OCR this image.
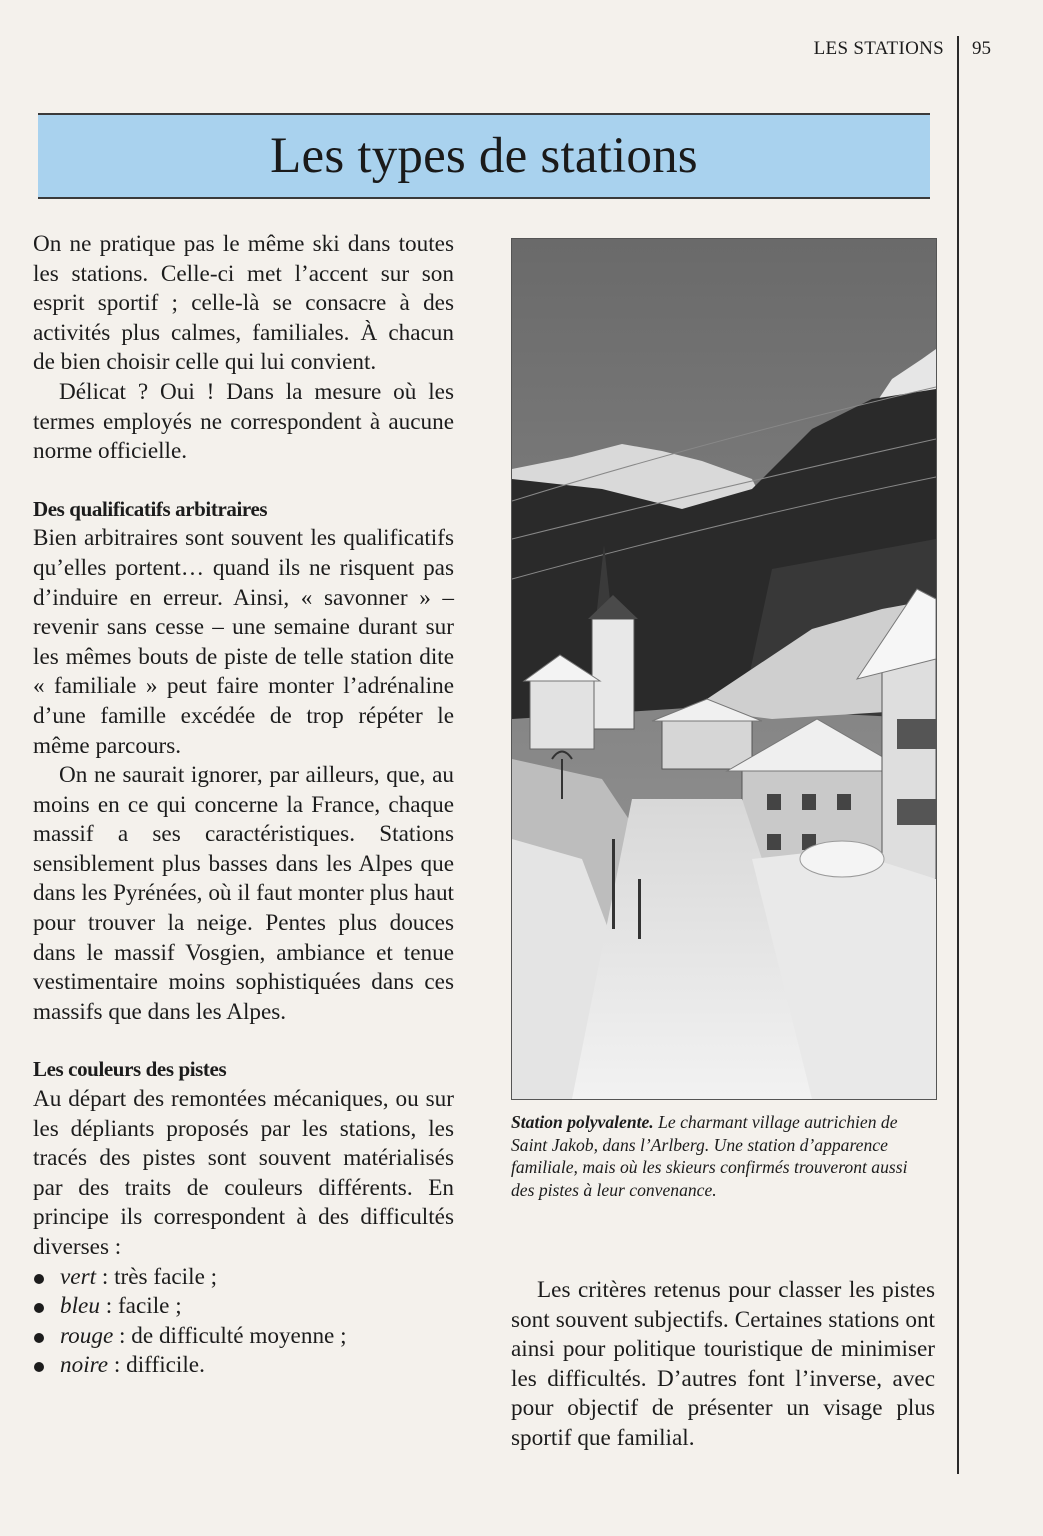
LES STATIONS 95
Les types de stations

On ne pratique pas le même ski dans toutes les stations. Celle-ci met l’accent sur son esprit sportif ; celle-là se consacre à des activités plus calmes, familiales. À chacun de bien choisir celle qui lui convient.

Délicat ? Oui ! Dans la mesure où les termes employés ne correspondent à aucune norme officielle.

Des qualificatifs arbitraires

Bien arbitraires sont souvent les qualificatifs qu’elles portent… quand ils ne risquent pas d’induire en erreur. Ainsi, « savonner » – revenir sans cesse – une semaine durant sur les mêmes bouts de piste de telle station dite « familiale » peut faire monter l’adrénaline d’une famille excédée de trop répéter le même parcours.

On ne saurait ignorer, par ailleurs, que, au moins en ce qui concerne la France, chaque massif a ses caractéristiques. Stations sensiblement plus basses dans les Alpes que dans les Pyrénées, où il faut monter plus haut pour trouver la neige. Pentes plus douces dans le massif Vosgien, ambiance et tenue vestimentaire moins sophistiquées dans ces massifs que dans les Alpes.

Les couleurs des pistes

Au départ des remontées mécaniques, ou sur les dépliants proposés par les stations, les tracés des pistes sont souvent matérialisés par des traits de couleurs différents. En principe ils correspondent à des difficultés diverses :

vert : très facile ;
bleu : facile ;
rouge : de difficulté moyenne ;
noire : difficile.
Station polyvalente. Le charmant village autrichien de Saint Jakob, dans l’Arlberg. Une station d’apparence familiale, mais où les skieurs confirmés trouveront aussi des pistes à leur convenance.

Les critères retenus pour classer les pistes sont souvent subjectifs. Certaines stations ont ainsi pour politique touristique de minimiser les difficultés. D’autres font l’inverse, avec pour objectif de présenter un visage plus sportif que familial.
